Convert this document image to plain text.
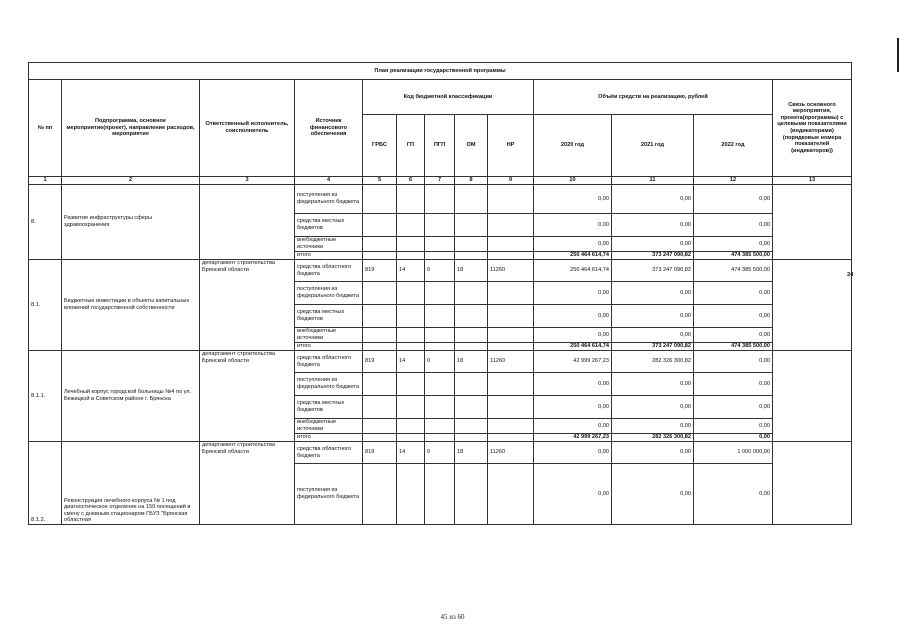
План реализации государственной программы												
№ пп	Подпрограмма, основное мероприятие(проект), направление расходов, мероприятие	Ответственный исполнитель, соисполнитель	Источник финансового обеспечения	Код бюджетной классификации					Объём средств на реализацию, рублей			Связь основного мероприятия, проекта(программы) с целевыми показателями (индикаторами) (порядковые номера показателей (индикаторов))
				ГРБС	ГП	ПГП	ОМ	НР	2020 год	2021 год	2022 год	
1	2	3	4	5	6	7	8	9	10	11	12	13
8.	Развитие инфраструктуры сферы здравоохранения		поступления из федерального бюджета						0,00	0,00	0,00	
			средства местных бюджетов						0,00	0,00	0,00	
			внебюджетные источники						0,00	0,00	0,00	
			итого						250 464 614,74	373 247 090,82	474 385 500,00	
8.1.	Бюджетные инвестиции в объекты капитальных вложений государственной собственности	департамент строительства Брянской области	средства областного бюджета	819	14	0	18	11260	250 464 614,74	373 247 090,82	474 385 500,00	
			поступления из федерального бюджета						0,00	0,00	0,00	
			средства местных бюджетов						0,00	0,00	0,00	
			внебюджетные источники						0,00	0,00	0,00	
			итого						250 464 614,74	373 247 090,82	474 385 500,00	
8.1.1.	Лечебный корпус городской больницы №4 по ул. Бежицкой в Советском районе г. Брянска	департамент строительства Брянской области	средства областного бюджета	819	14	0	18	11260	42 999 267,23	282 326 300,82	0,00	
			поступления из федерального бюджета						0,00	0,00	0,00	
			средства местных бюджетов						0,00	0,00	0,00	
			внебюджетные источники						0,00	0,00	0,00	
			итого						42 999 267,23	282 326 300,82	0,00	
8.1.2.	Реконструкция лечебного корпуса № 1 под диагностическое отделение на 150 посещений в смену с дневным стационаром ГБУЗ "Брянская областная	департамент строительства Брянской области	средства областного бюджета	819	14	0	18	11260	0,00	0,00	1 000 000,00	
			поступления из федерального бюджета						0,00	0,00	0,00	
24
45 из 60
